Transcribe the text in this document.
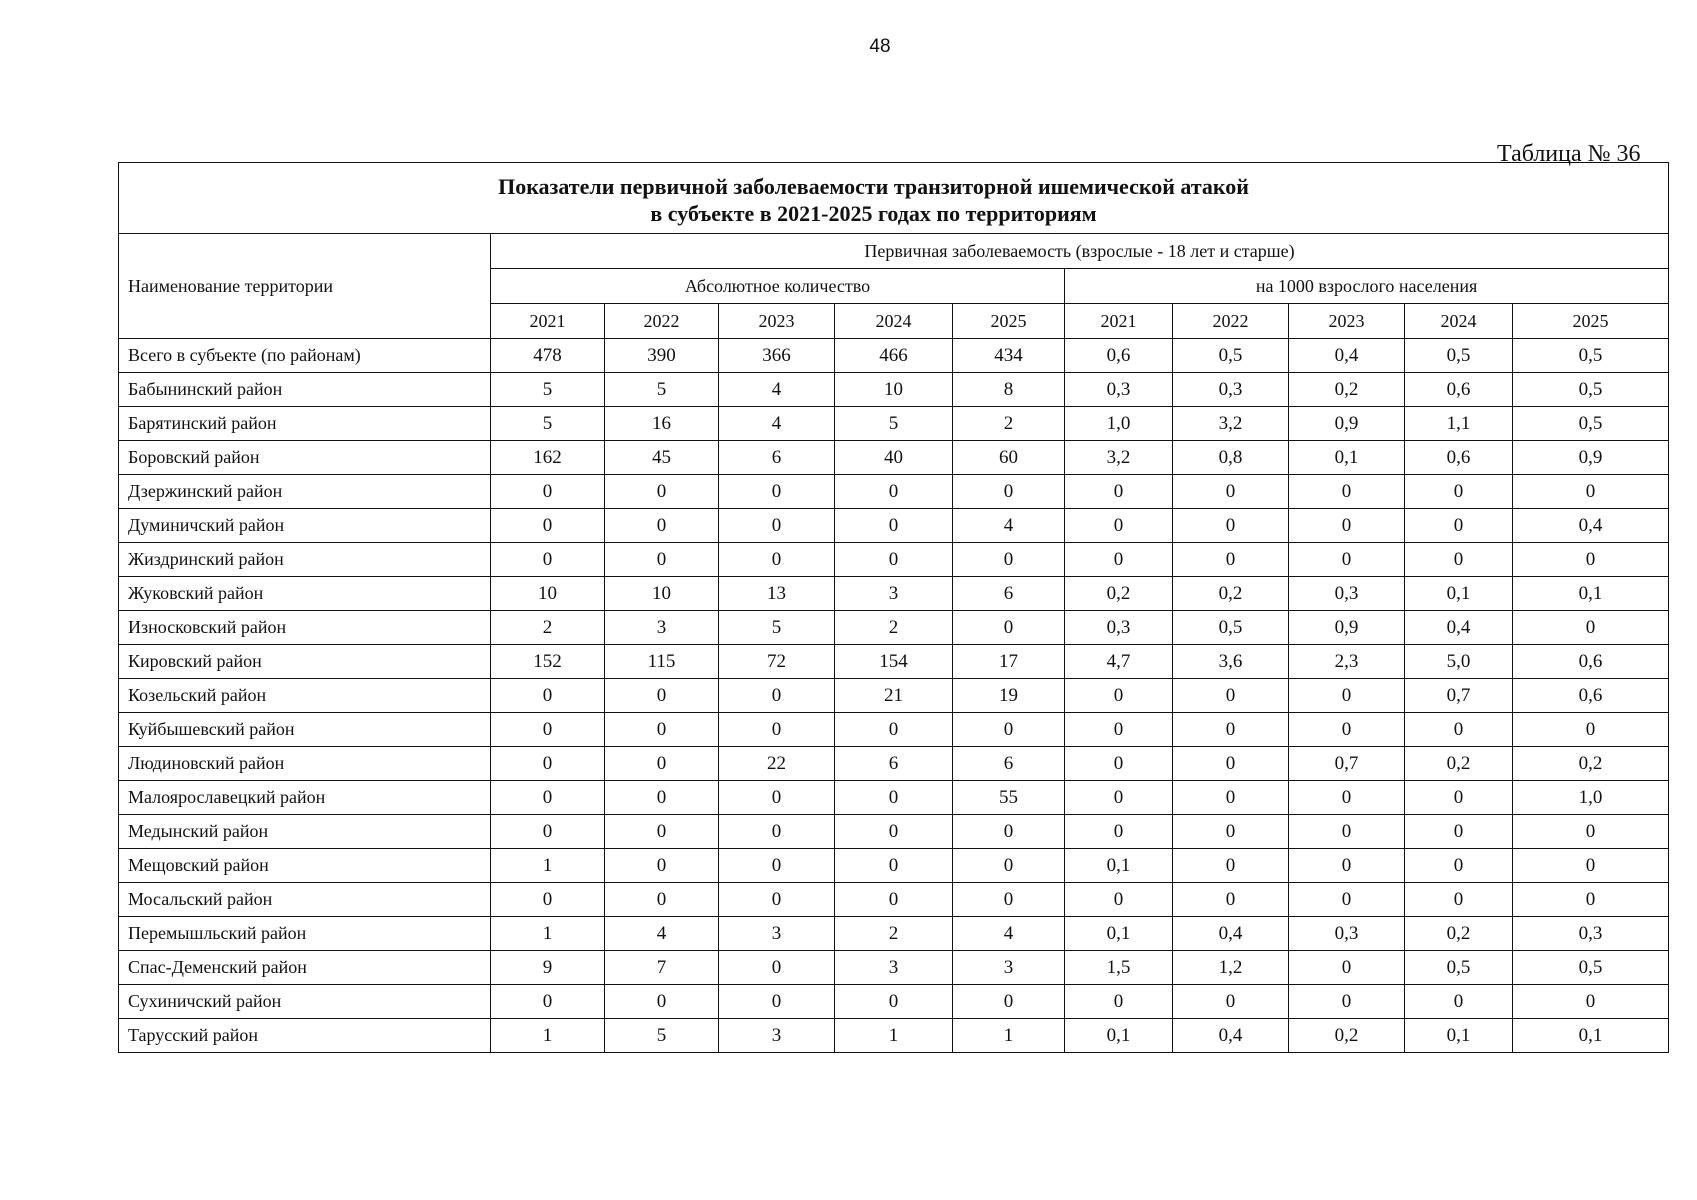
48
Таблица № 36
Показатели первичной заболеваемости транзиторной ишемической атакой
в субъекте в 2021-2025 годах по территориям										

Наименование территории	Первичная заболеваемость (взрослые - 18 лет и старше)									
	Абсолютное количество					на 1000 взрослого населения				
	2021	2022	2023	2024	2025	2021	2022	2023	2024	2025
Всего в субъекте (по районам)	478	390	366	466	434	0,6	0,5	0,4	0,5	0,5
Бабынинский район	5	5	4	10	8	0,3	0,3	0,2	0,6	0,5
Барятинский район	5	16	4	5	2	1,0	3,2	0,9	1,1	0,5
Боровский район	162	45	6	40	60	3,2	0,8	0,1	0,6	0,9
Дзержинский район	0	0	0	0	0	0	0	0	0	0
Думиничский район	0	0	0	0	4	0	0	0	0	0,4
Жиздринский район	0	0	0	0	0	0	0	0	0	0
Жуковский район	10	10	13	3	6	0,2	0,2	0,3	0,1	0,1
Износковский район	2	3	5	2	0	0,3	0,5	0,9	0,4	0
Кировский район	152	115	72	154	17	4,7	3,6	2,3	5,0	0,6
Козельский район	0	0	0	21	19	0	0	0	0,7	0,6
Куйбышевский район	0	0	0	0	0	0	0	0	0	0
Людиновский район	0	0	22	6	6	0	0	0,7	0,2	0,2
Малоярославецкий район	0	0	0	0	55	0	0	0	0	1,0
Медынский район	0	0	0	0	0	0	0	0	0	0
Мещовский район	1	0	0	0	0	0,1	0	0	0	0
Мосальский район	0	0	0	0	0	0	0	0	0	0
Перемышльский район	1	4	3	2	4	0,1	0,4	0,3	0,2	0,3
Спас-Деменский район	9	7	0	3	3	1,5	1,2	0	0,5	0,5
Сухиничский район	0	0	0	0	0	0	0	0	0	0
Тарусский район	1	5	3	1	1	0,1	0,4	0,2	0,1	0,1
